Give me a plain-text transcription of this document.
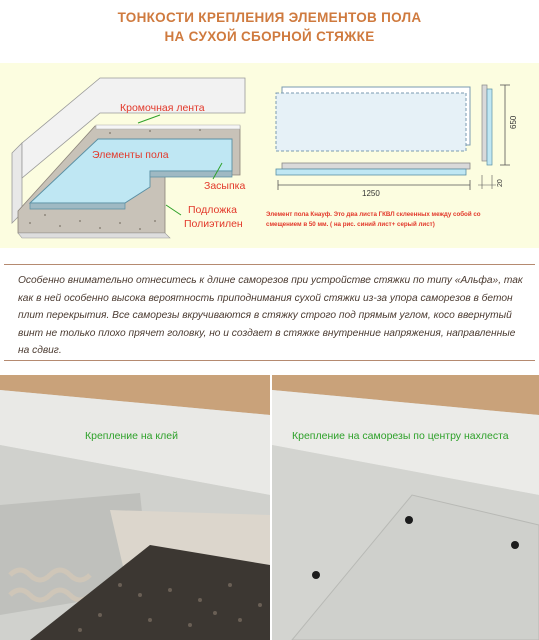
ТОНКОСТИ КРЕПЛЕНИЯ ЭЛЕМЕНТОВ ПОЛА
НА СУХОЙ СБОРНОЙ СТЯЖКЕ
Кромочная лента
Элементы пола
Засыпка
Подложка
Полиэтилен
1250
650
20
Элемент пола Кнауф. Это два листа ГКВЛ склеенных между собой со
смещением в 50 мм. ( на рис. синий лист+ серый лист)
Особенно внимательно отнеситесь к длине саморезов при устройстве стяжки по типу «Альфа», так
как в ней особенно высока вероятность приподнимания сухой стяжки из-за упора саморезов в бетон
плит перекрытия. Все саморезы вкручиваются в стяжку строго под прямым углом, косо ввернутый
винт не только плохо прячет головку, но и создает в стяжке внутренние напряжения, направленные
на сдвиг.
Крепление на клей	Крепление на саморезы по центру нахлеста
